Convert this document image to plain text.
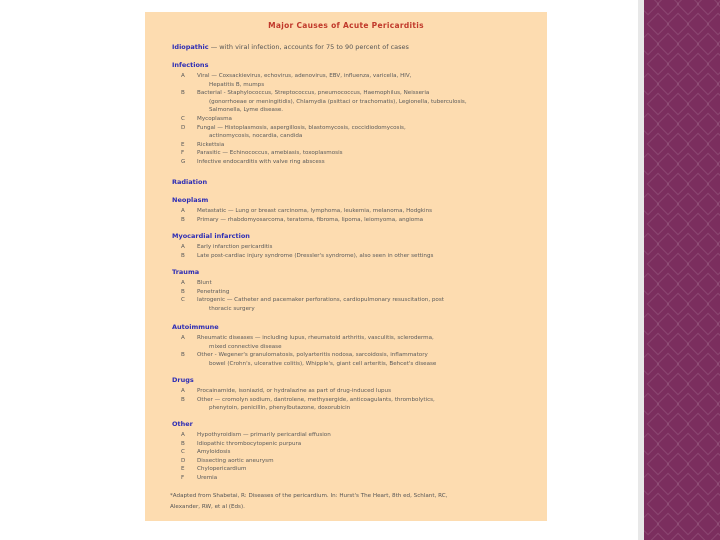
Major Causes of Acute Pericarditis
Idiopathic — with viral infection, accounts for 75 to 90 percent of cases
Infections
A Viral — Coxsackievirus, echovirus, adenovirus, EBV, influenza, varicella, HIV,
Hepatitis B, mumps
B Bacterial - Staphylococcus, Streptococcus, pneumococcus, Haemophilus, Neisseria
(gonorrhoeae or meningitidis), Chlamydia (psittaci or trachomatis), Legionella, tuberculosis,
Salmonella, Lyme disease.
C Mycoplasma
D Fungal — Histoplasmosis, aspergillosis, blastomycosis, coccidiodomycosis,
actinomycosis, nocardia, candida
E Rickettsia
F Parasitic — Echinococcus, amebiasis, toxoplasmosis
G Infective endocarditis with valve ring abscess
Radiation
Neoplasm
A Metastatic — Lung or breast carcinoma, lymphoma, leukemia, melanoma, Hodgkins
B Primary — rhabdomyosarcoma, teratoma, fibroma, lipoma, leiomyoma, angioma
Myocardial infarction
A Early infarction pericarditis
B Late post-cardiac injury syndrome (Dressler's syndrome), also seen in other settings
Trauma
A Blunt
B Penetrating
C Iatrogenic — Catheter and pacemaker perforations, cardiopulmonary resuscitation, post
thoracic surgery
Autoimmune
A Rheumatic diseases — including lupus, rheumatoid arthritis, vasculitis, scleroderma,
mixed connective disease
B Other - Wegener's granulomatosis, polyarteritis nodosa, sarcoidosis, inflammatory
bowel (Crohn's, ulcerative colitis), Whipple's, giant cell arteritis, Behcet's disease
Drugs
A Procainamide, isoniazid, or hydralazine as part of drug-induced lupus
B Other — cromolyn sodium, dantrolene, methysergide, anticoagulants, thrombolytics,
phenytoin, penicillin, phenylbutazone, doxorubicin
Other
A Hypothyroidism — primarily pericardial effusion
B Idiopathic thrombocytopenic purpura
C Amyloidosis
D Dissecting aortic aneurysm
E Chylopericardium
F Uremia
*Adapted from Shabetai, R: Diseases of the pericardium. In: Hurst's The Heart, 8th ed, Schlant, RC,
Alexander, RW, et al (Eds).
